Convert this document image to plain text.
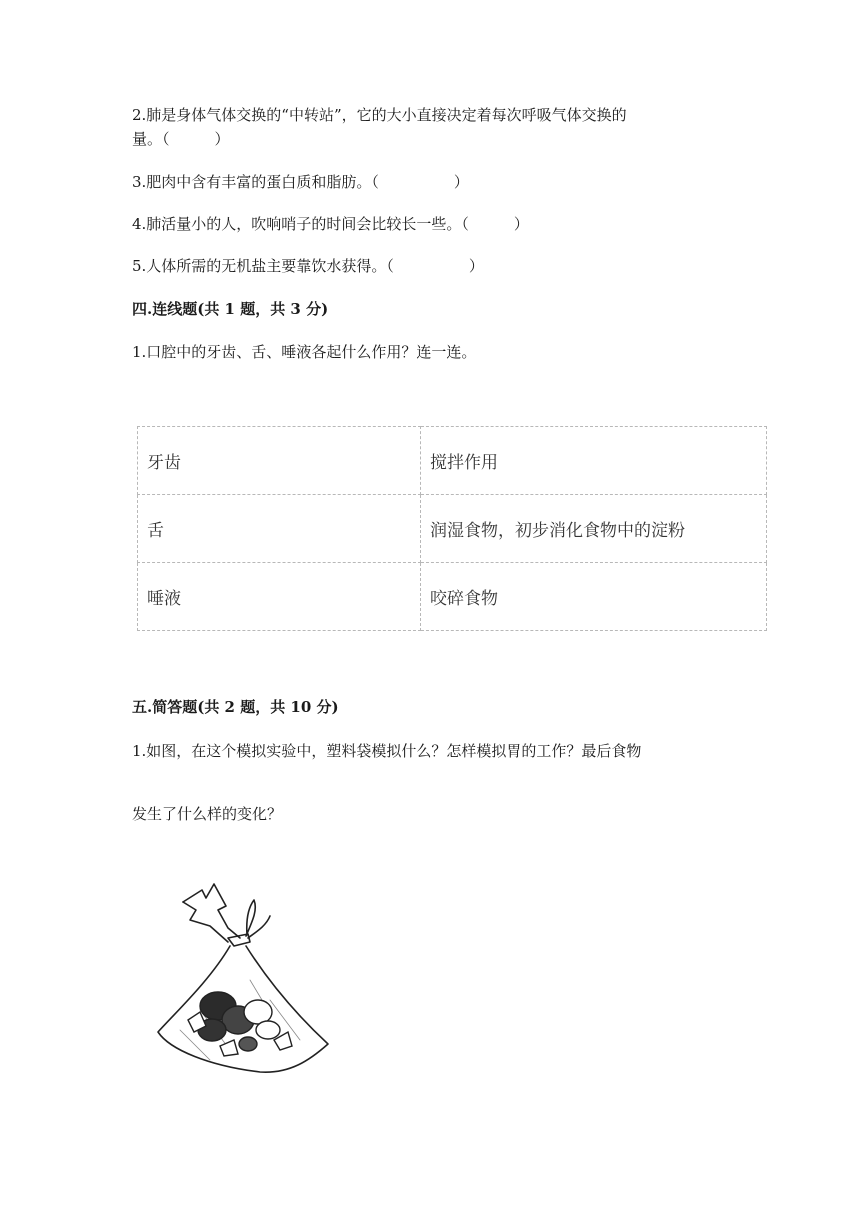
2.肺是身体气体交换的“中转站”，它的大小直接决定着每次呼吸气体交换的
量。（　　　）
3.肥肉中含有丰富的蛋白质和脂肪。（　　　　　）
4.肺活量小的人，吹响哨子的时间会比较长一些。（　　　）
5.人体所需的无机盐主要靠饮水获得。（　　　　　）
四.连线题(共 1 题，共 3 分)
1.口腔中的牙齿、舌、唾液各起什么作用？连一连。
牙齿	搅拌作用
舌	润湿食物，初步消化食物中的淀粉
唾液	咬碎食物
五.简答题(共 2 题，共 10 分)
1.如图，在这个模拟实验中，塑料袋模拟什么？怎样模拟胃的工作？最后食物
发生了什么样的变化？
